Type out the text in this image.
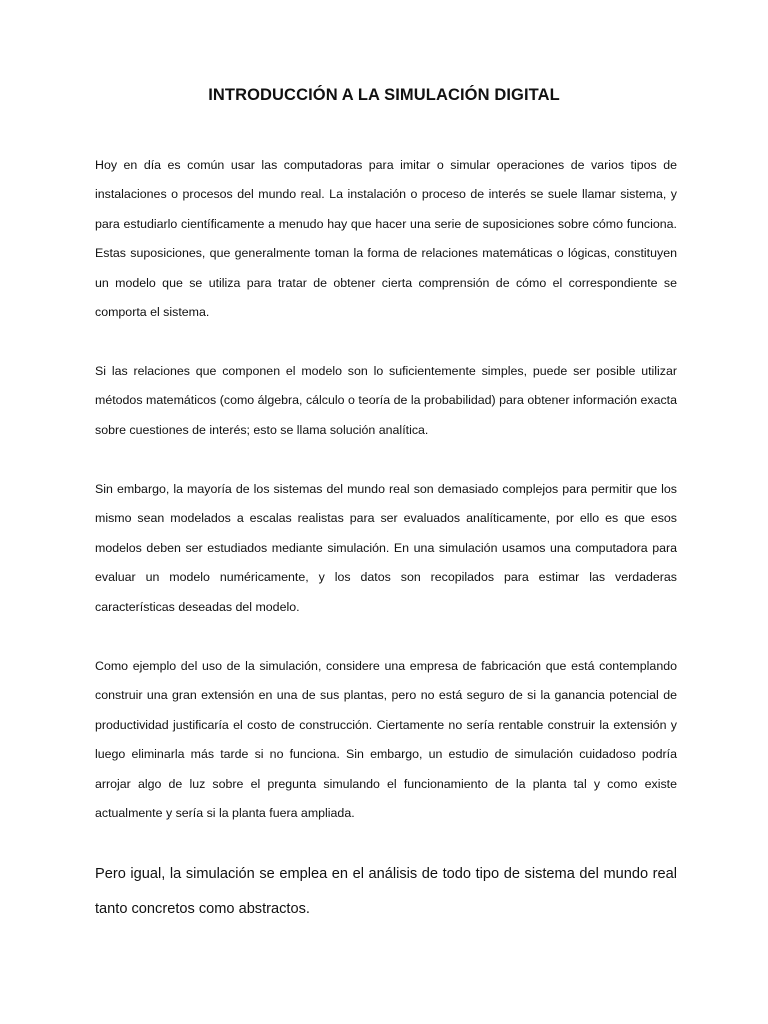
INTRODUCCIÓN A LA SIMULACIÓN DIGITAL

Hoy en día es común usar las computadoras para imitar o simular operaciones de varios tipos de instalaciones o procesos del mundo real. La instalación o proceso de interés se suele llamar sistema, y para estudiarlo científicamente a menudo hay que hacer una serie de suposiciones sobre cómo funciona. Estas suposiciones, que generalmente toman la forma de relaciones matemáticas o lógicas, constituyen un modelo que se utiliza para tratar de obtener cierta comprensión de cómo el correspondiente se comporta el sistema.

Si las relaciones que componen el modelo son lo suficientemente simples, puede ser posible utilizar métodos matemáticos (como álgebra, cálculo o teoría de la probabilidad) para obtener información exacta sobre cuestiones de interés; esto se llama solución analítica.

Sin embargo, la mayoría de los sistemas del mundo real son demasiado complejos para permitir que los mismo sean modelados a escalas realistas para ser evaluados analíticamente, por ello es que esos modelos deben ser estudiados mediante simulación. En una simulación usamos una computadora para evaluar un modelo numéricamente, y los datos son recopilados para estimar las verdaderas características deseadas del modelo.

Como ejemplo del uso de la simulación, considere una empresa de fabricación que está contemplando construir una gran extensión en una de sus plantas, pero no está seguro de si la ganancia potencial de productividad justificaría el costo de construcción. Ciertamente no sería rentable construir la extensión y luego eliminarla más tarde si no funciona. Sin embargo, un estudio de simulación cuidadoso podría arrojar algo de luz sobre el pregunta simulando el funcionamiento de la planta tal y como existe actualmente y sería si la planta fuera ampliada.

Pero igual, la simulación se emplea en el análisis de todo tipo de sistema del mundo real tanto concretos como abstractos.
